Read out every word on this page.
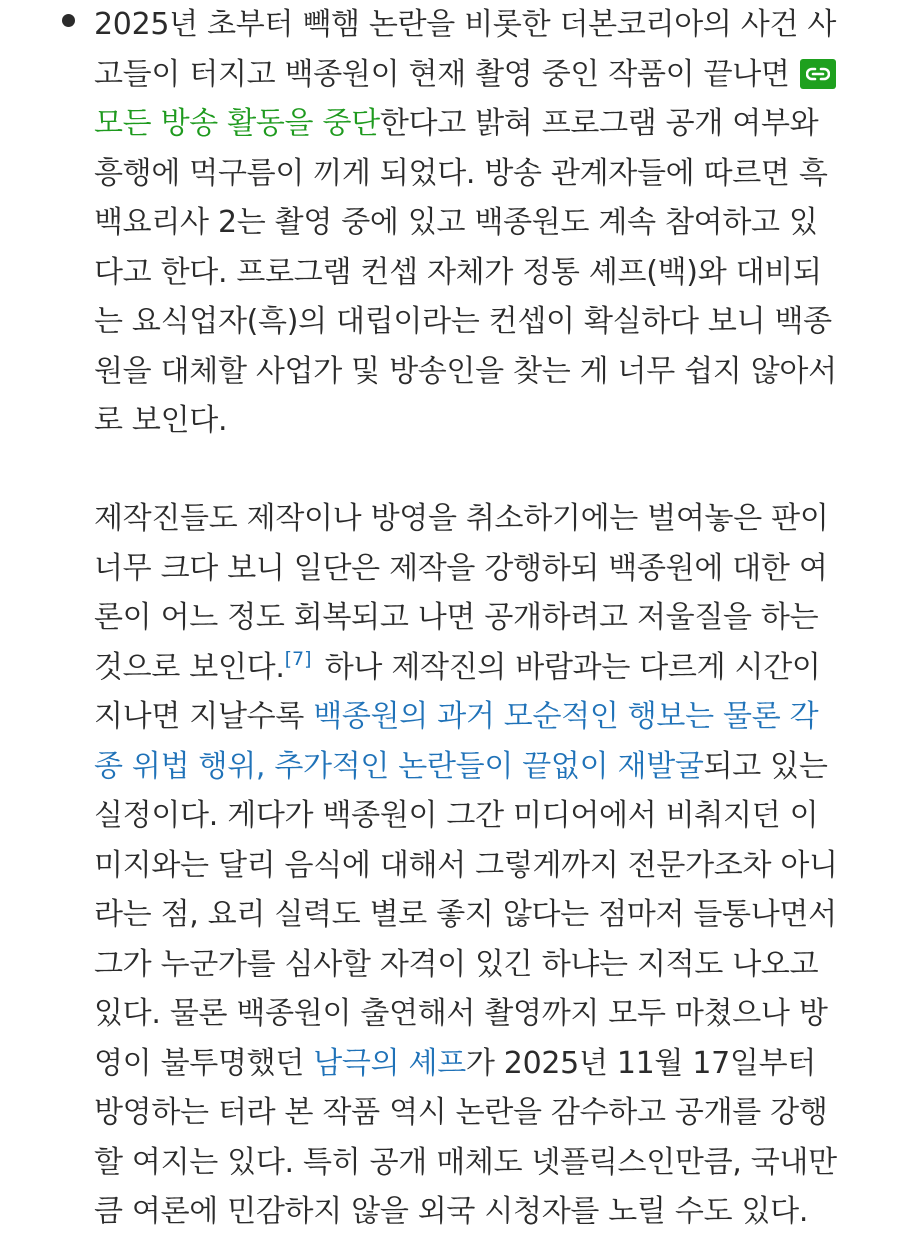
2025년 초부터 빽햄 논란을 비롯한 더본코리아의 사건 사
고들이 터지고 백종원이 현재 촬영 중인 작품이 끝나면
모든 방송 활동을 중단한다고 밝혀 프로그램 공개 여부와
흥행에 먹구름이 끼게 되었다. 방송 관계자들에 따르면 흑
백요리사 2는 촬영 중에 있고 백종원도 계속 참여하고 있
다고 한다. 프로그램 컨셉 자체가 정통 셰프(백)와 대비되
는 요식업자(흑)의 대립이라는 컨셉이 확실하다 보니 백종
원을 대체할 사업가 및 방송인을 찾는 게 너무 쉽지 않아서
로 보인다.
제작진들도 제작이나 방영을 취소하기에는 벌여놓은 판이
너무 크다 보니 일단은 제작을 강행하되 백종원에 대한 여
론이 어느 정도 회복되고 나면 공개하려고 저울질을 하는
것으로 보인다.[7] 하나 제작진의 바람과는 다르게 시간이
지나면 지날수록 백종원의 과거 모순적인 행보는 물론 각
종 위법 행위, 추가적인 논란들이 끝없이 재발굴되고 있는
실정이다. 게다가 백종원이 그간 미디어에서 비춰지던 이
미지와는 달리 음식에 대해서 그렇게까지 전문가조차 아니
라는 점, 요리 실력도 별로 좋지 않다는 점마저 들통나면서
그가 누군가를 심사할 자격이 있긴 하냐는 지적도 나오고
있다. 물론 백종원이 출연해서 촬영까지 모두 마쳤으나 방
영이 불투명했던 남극의 셰프가 2025년 11월 17일부터
방영하는 터라 본 작품 역시 논란을 감수하고 공개를 강행
할 여지는 있다. 특히 공개 매체도 넷플릭스인만큼, 국내만
큼 여론에 민감하지 않을 외국 시청자를 노릴 수도 있다.
